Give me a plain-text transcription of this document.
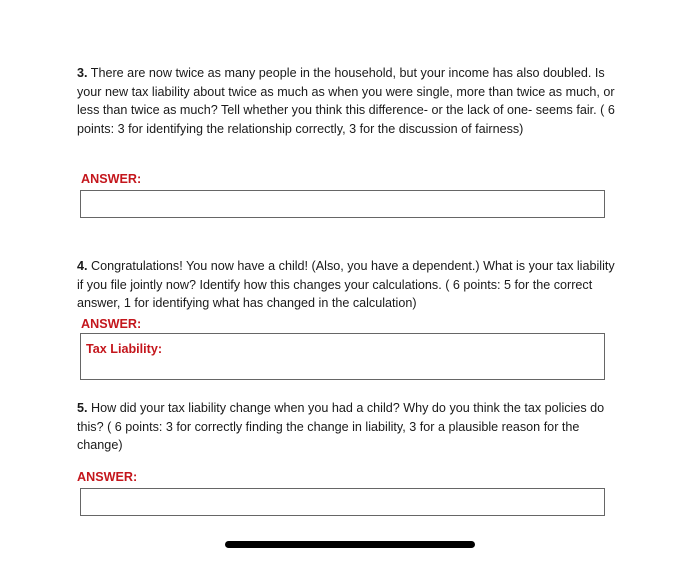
3. There are now twice as many people in the household, but your income has also doubled. Is your new tax liability about twice as much as when you were single, more than twice as much, or less than twice as much? Tell whether you think this difference- or the lack of one- seems fair. ( 6 points: 3 for identifying the relationship correctly, 3 for the discussion of fairness)
ANSWER:
4. Congratulations! You now have a child! (Also, you have a dependent.) What is your tax liability if you file jointly now? Identify how this changes your calculations. ( 6 points: 5 for the correct answer, 1 for identifying what has changed in the calculation)
ANSWER:
Tax Liability:
5. How did your tax liability change when you had a child? Why do you think the tax policies do this? ( 6 points: 3 for correctly finding the change in liability, 3 for a plausible reason for the change)
ANSWER:
